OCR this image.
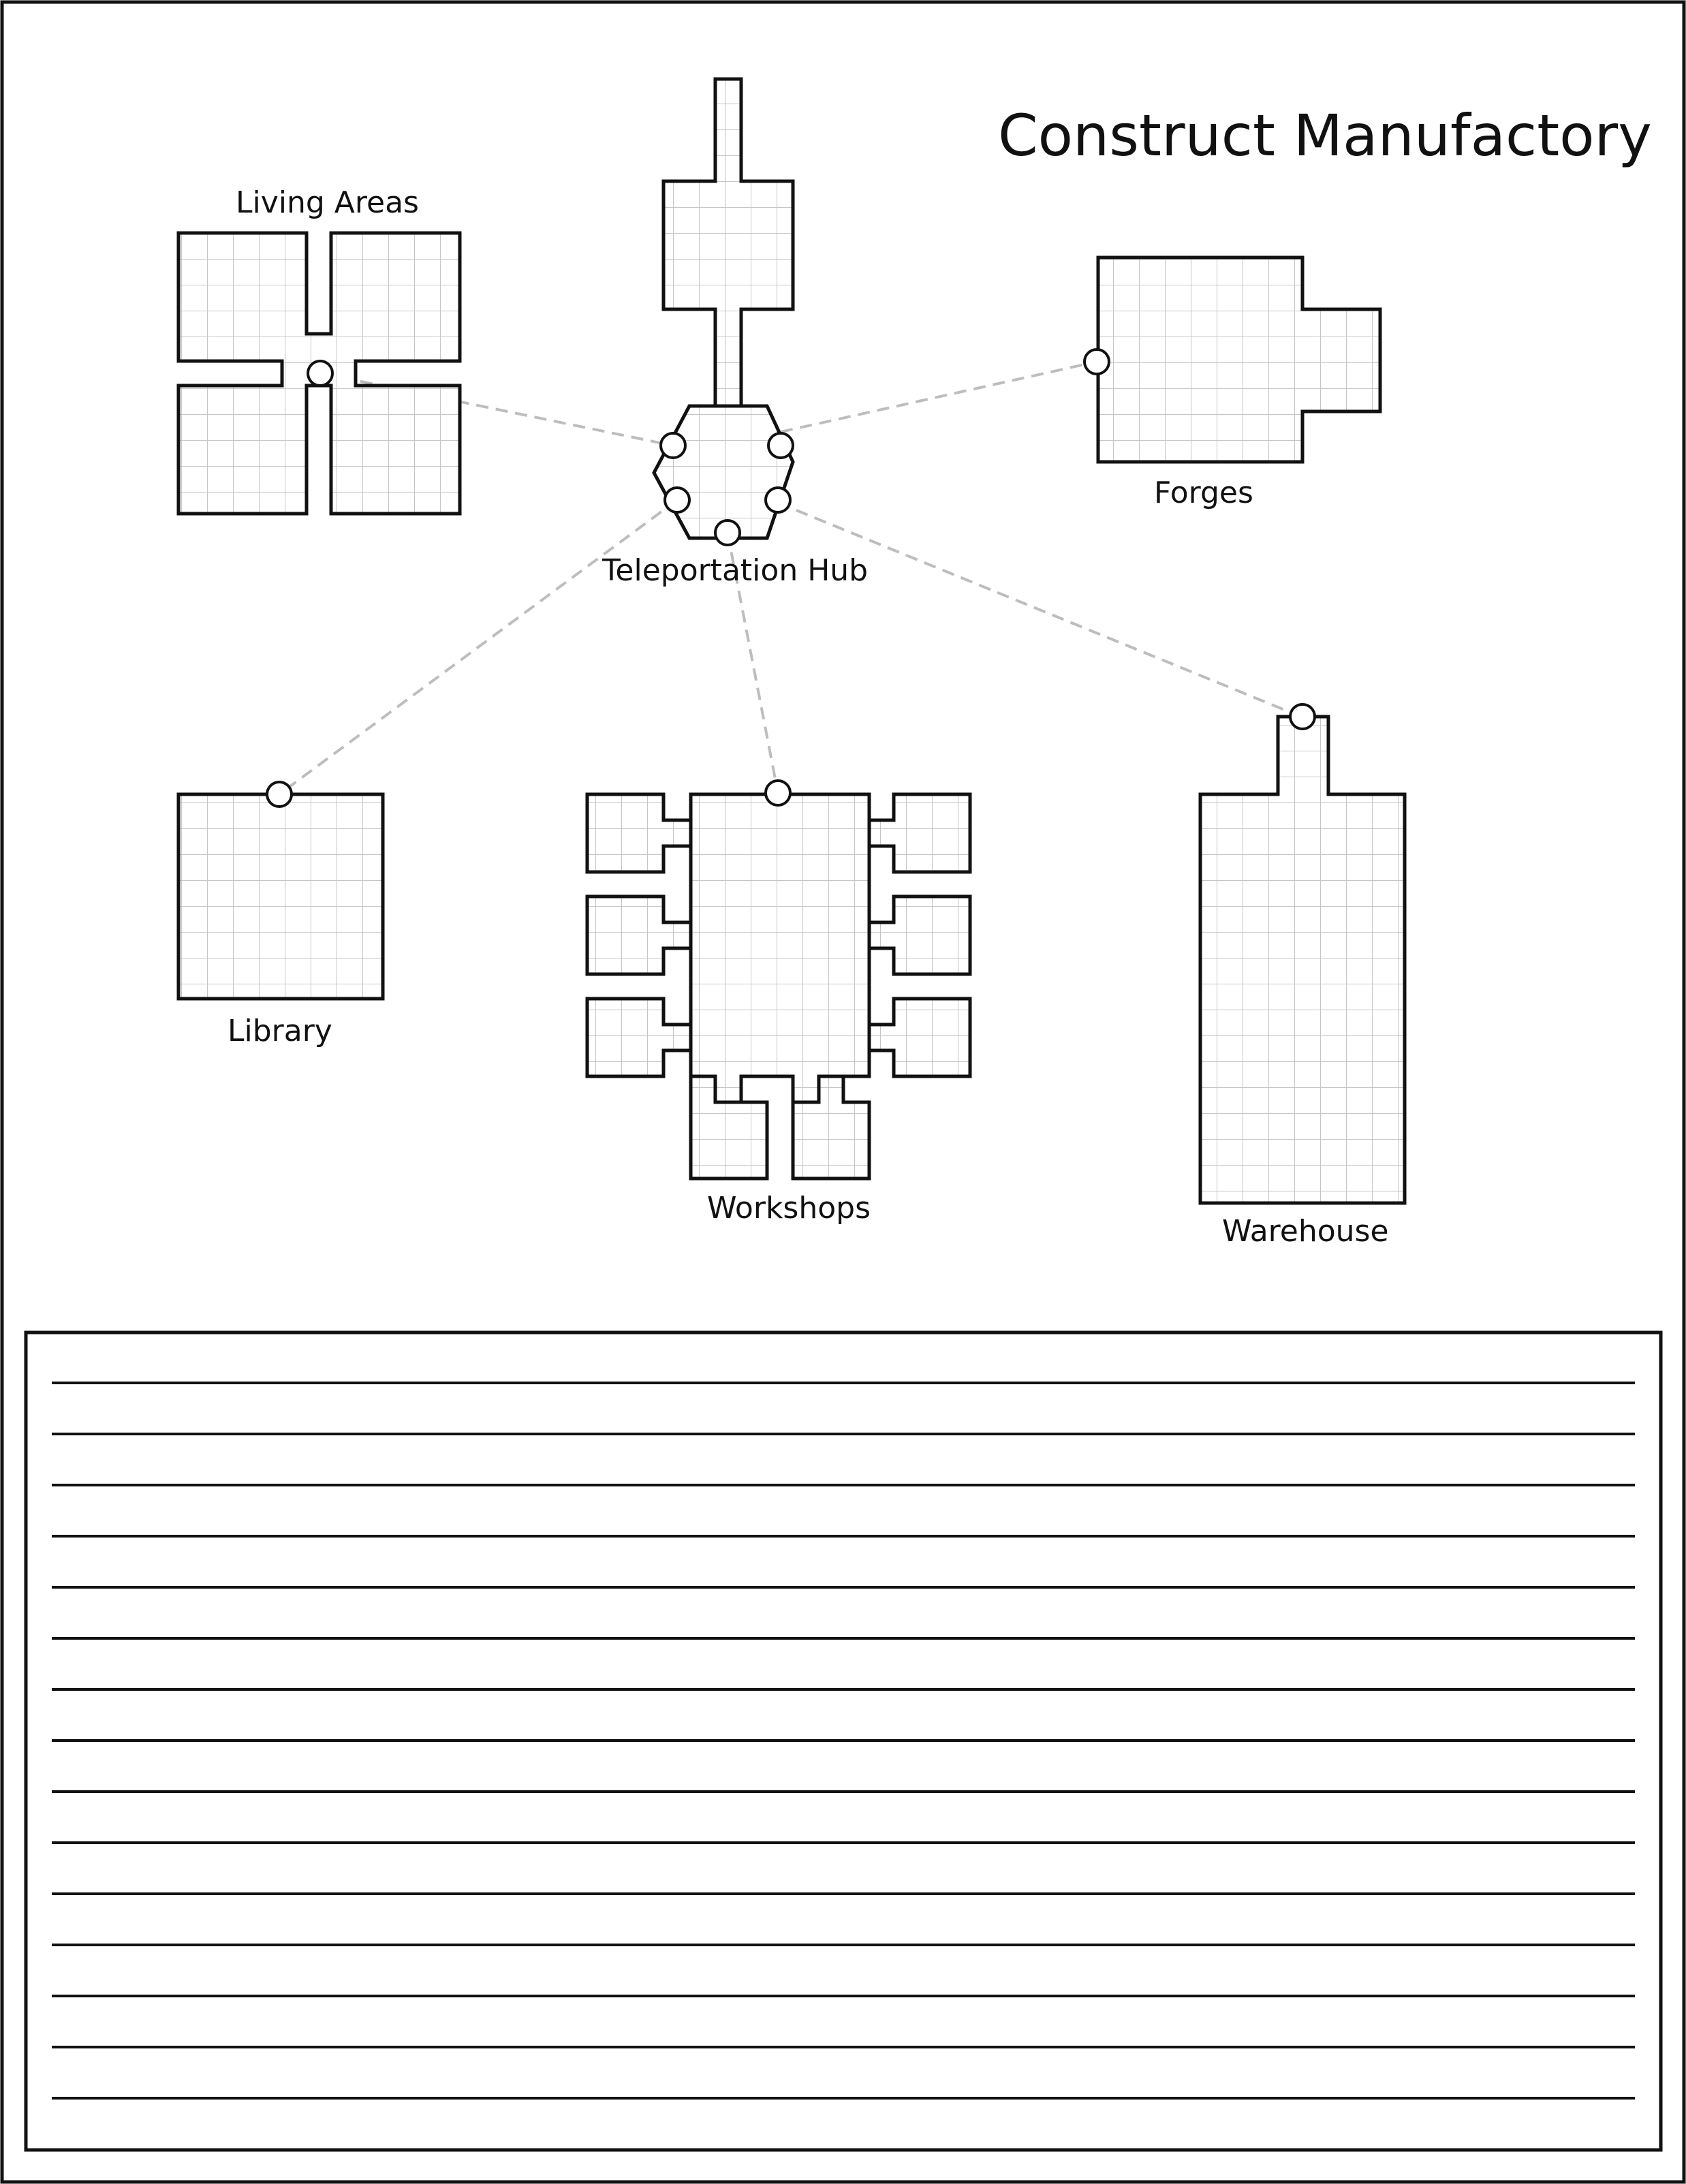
Construct Manufactory
Living Areas
Teleportation Hub
Forges
Library
Workshops
Warehouse
